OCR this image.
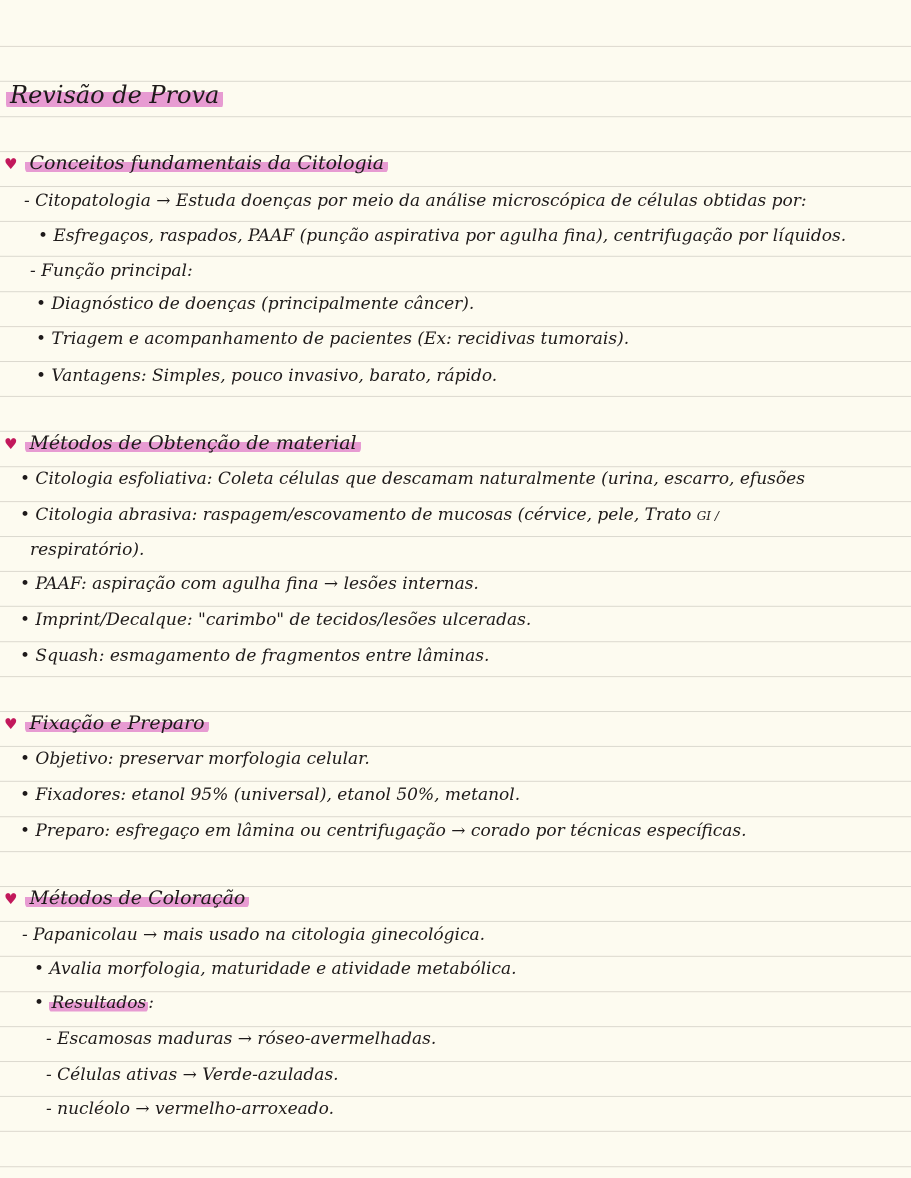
Revisão de Prova
♥ Conceitos fundamentais da Citologia
- Citopatologia → Estuda doenças por meio da análise microscópica de células obtidas por:
• Esfregaços, raspados, PAAF (punção aspirativa por agulha fina), centrifugação por líquidos.
- Função principal:
• Diagnóstico de doenças (principalmente câncer).
• Triagem e acompanhamento de pacientes (Ex: recidivas tumorais).
• Vantagens: Simples, pouco invasivo, barato, rápido.
♥ Métodos de Obtenção de material
• Citologia esfoliativa: Coleta células que descamam naturalmente (urina, escarro, efusões
• Citologia abrasiva: raspagem/escovamento de mucosas (cérvice, pele, Trato GI /
respiratório).
• PAAF: aspiração com agulha fina → lesões internas.
• Imprint/Decalque: "carimbo" de tecidos/lesões ulceradas.
• Squash: esmagamento de fragmentos entre lâminas.
♥ Fixação e Preparo
• Objetivo: preservar morfologia celular.
• Fixadores: etanol 95% (universal), etanol 50%, metanol.
• Preparo: esfregaço em lâmina ou centrifugação → corado por técnicas específicas.
♥ Métodos de Coloração
- Papanicolau → mais usado na citologia ginecológica.
• Avalia morfologia, maturidade e atividade metabólica.
• Resultados :
- Escamosas maduras → róseo-avermelhadas.
- Células ativas → Verde-azuladas.
- nucléolo → vermelho-arroxeado.
